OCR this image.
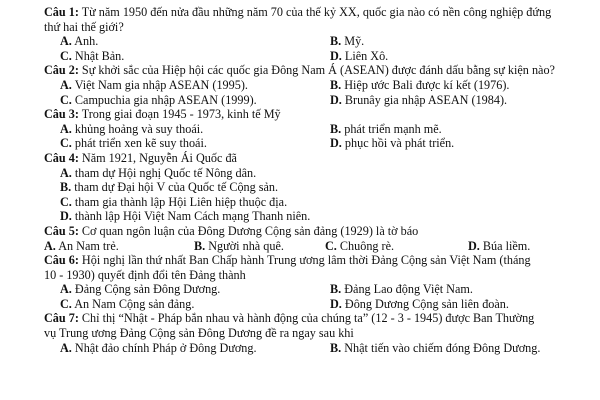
Câu 1: Từ năm 1950 đến nửa đầu những năm 70 của thế kỷ XX, quốc gia nào có nền công nghiệp đứng
thứ hai thế giới?
A. Anh.	B. Mỹ.
C. Nhật Bản.	D. Liên Xô.
Câu 2: Sự khởi sắc của Hiệp hội các quốc gia Đông Nam Á (ASEAN) được đánh dấu bằng sự kiện nào?
A. Việt Nam gia nhập ASEAN (1995).	B. Hiệp ước Bali được kí kết (1976).
C. Campuchia gia nhập ASEAN (1999).	D. Brunây gia nhập ASEAN (1984).
Câu 3: Trong giai đoạn 1945 - 1973, kinh tế Mỹ
A. khủng hoảng và suy thoái.	B. phát triển mạnh mẽ.
C. phát triển xen kẽ suy thoái.	D. phục hồi và phát triển.
Câu 4: Năm 1921, Nguyễn Ái Quốc đã
A. tham dự Hội nghị Quốc tế Nông dân.
B. tham dự Đại hội V của Quốc tế Cộng sản.
C. tham gia thành lập Hội Liên hiệp thuộc địa.
D. thành lập Hội Việt Nam Cách mạng Thanh niên.
Câu 5: Cơ quan ngôn luận của Đông Dương Cộng sản đảng (1929) là tờ báo
A. An Nam trẻ.	B. Người nhà quê.	C. Chuông rè.	D. Búa liềm.
Câu 6: Hội nghị lần thứ nhất Ban Chấp hành Trung ương lâm thời Đảng Cộng sản Việt Nam (tháng
10 - 1930) quyết định đổi tên Đảng thành
A. Đảng Cộng sản Đông Dương.	B. Đảng Lao động Việt Nam.
C. An Nam Cộng sản đảng.	D. Đông Dương Cộng sản liên đoàn.
Câu 7: Chỉ thị “Nhật - Pháp bắn nhau và hành động của chúng ta” (12 - 3 - 1945) được Ban Thường
vụ Trung ương Đảng Cộng sản Đông Dương đề ra ngay sau khi
A. Nhật đảo chính Pháp ở Đông Dương.	B. Nhật tiến vào chiếm đóng Đông Dương.
